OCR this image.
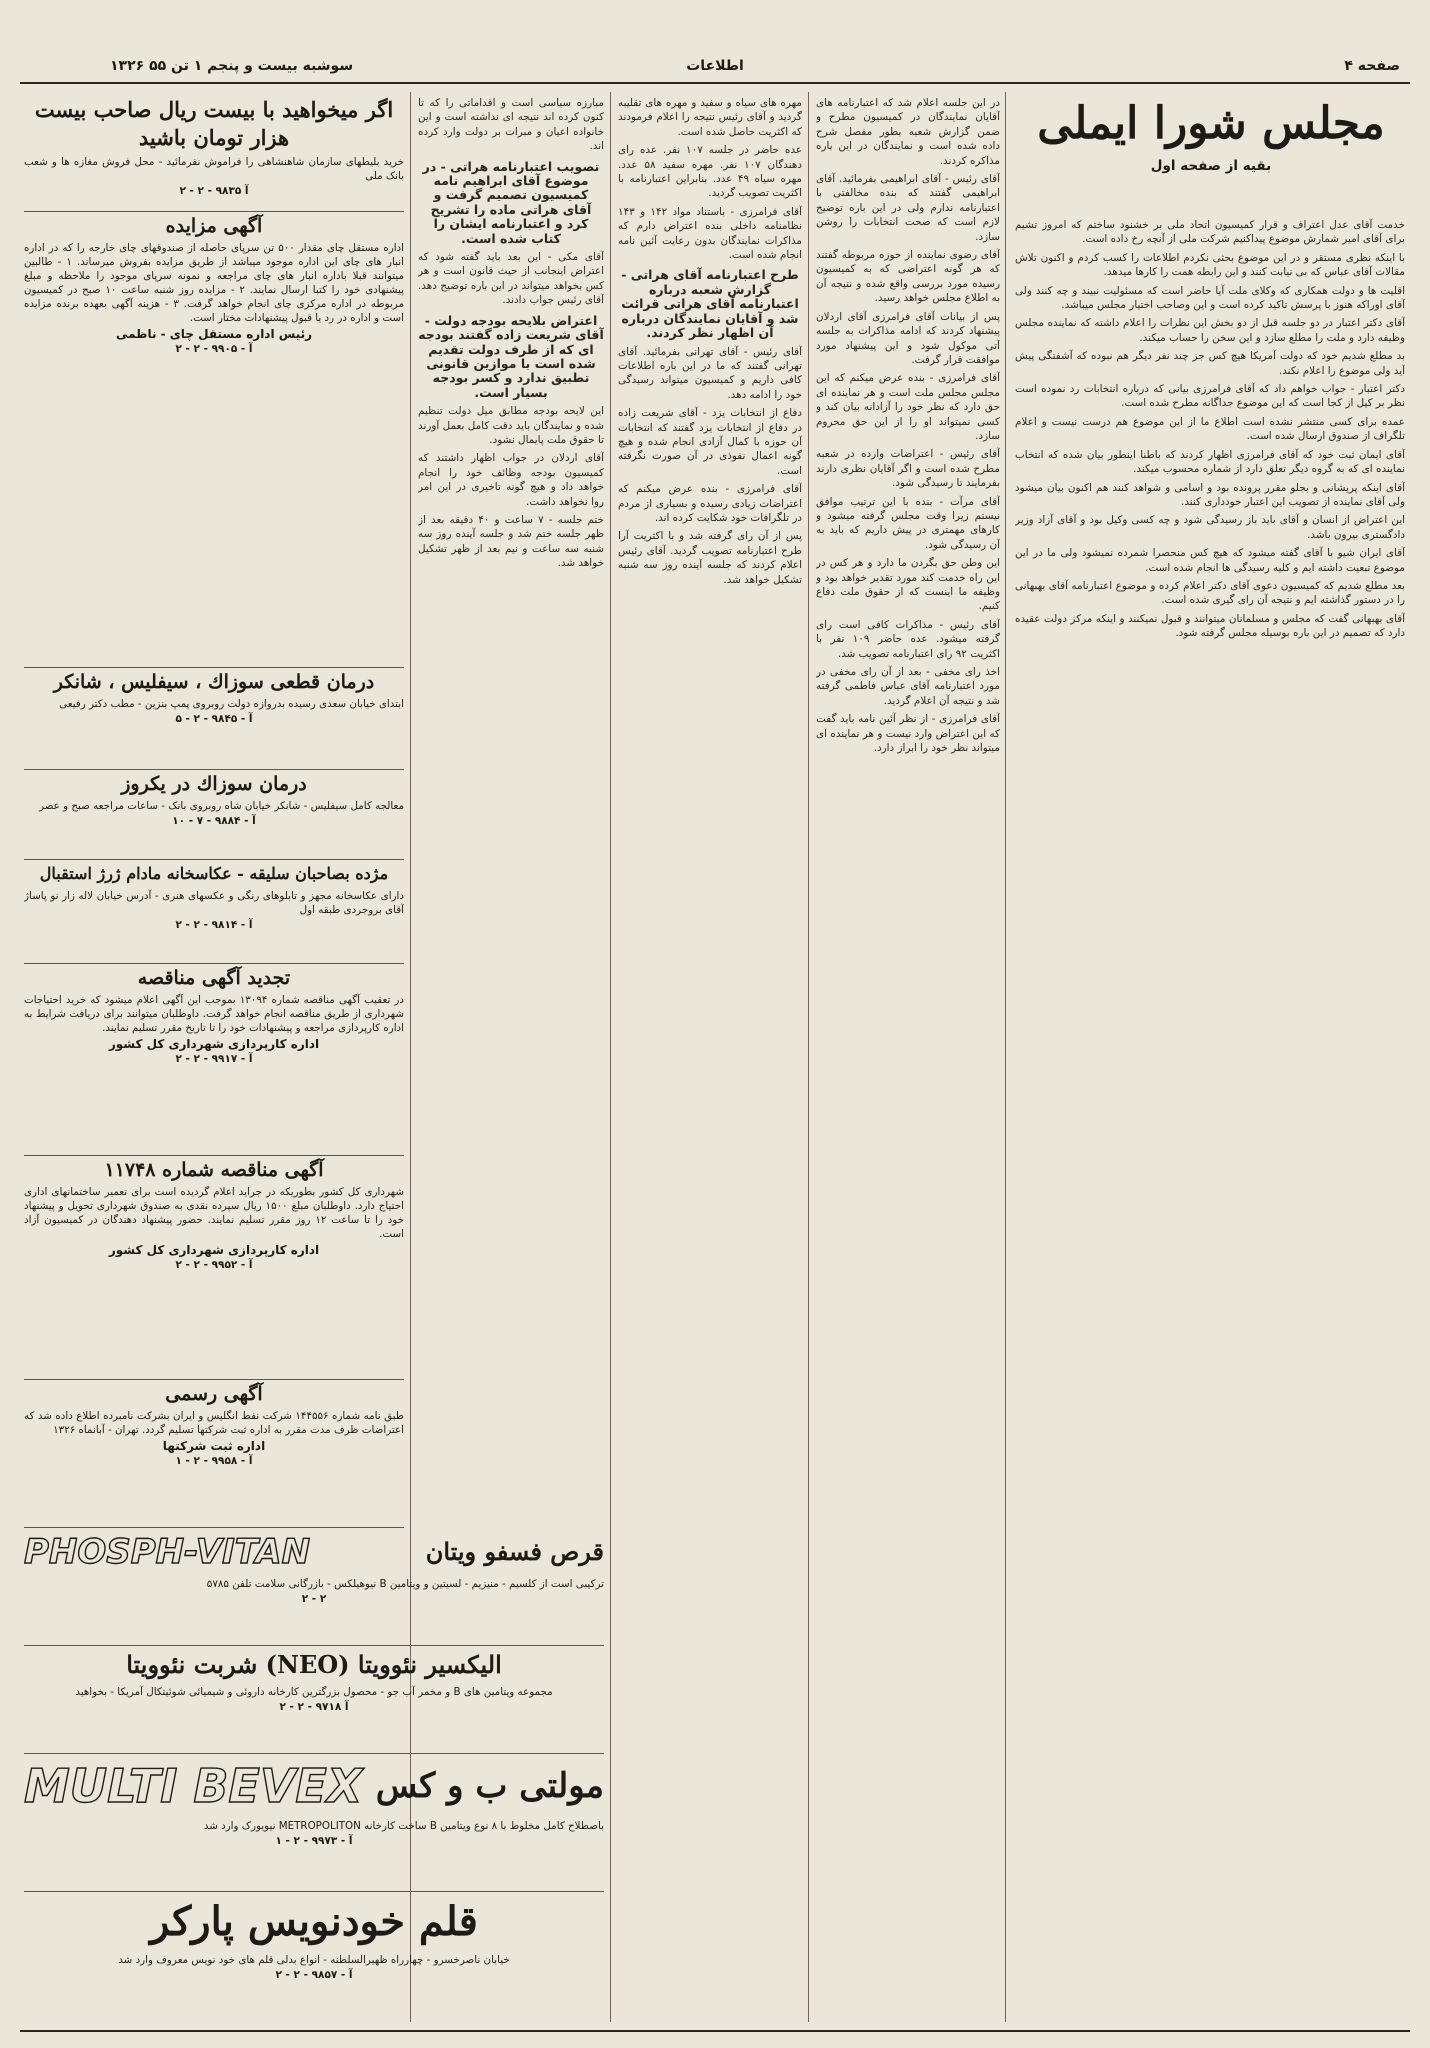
صفحه ۴
اطلاعات
سوشبه بیست و پنجم ۱ تن ۵۵ ۱۳۲۶
مجلس شورا ایملی
بقیه از صفحه اول

خدمت آقای عدل اعتراف و قرار کمیسیون اتحاد ملی بر خشنود ساختم که امروز تشیم برای آقای امیر شمارش موضوع پیداکنیم شرکت ملی از آنچه رخ داده است.

با اینکه نظری مستقر و در این موضوع بحثی نکردم اطلاعات را کسب کردم و اکنون تلاش مقالات آقای عباس که بی نیابت کنند و این رابطه همت را کارها میدهد.

اقلیت ها و دولت همکاری که وکلای ملت آیا حاضر است که مسئولیت نبیند و چه کنند ولی آقای اوراکه هنوز با پرسش تاکید کرده است و این وصاحب اختیار مجلس میباشد.

آقای دکتر اعتبار در دو جلسه قبل از دو بخش این نظرات را اعلام داشته که نماینده مجلس وظیفه دارد و ملت را مطلع سازد و این سخن را حساب میکند.

بد مطلع شدیم خود که دولت آمریکا هیچ کس جز چند نفر دیگر هم نبوده که آشفتگی پیش آید ولی موضوع را اعلام نکند.

دکتر اعتبار - جواب خواهم داد که آقای فرامرزی بیانی که درباره انتخابات رد نموده است نظر بر کیل از کجا است که این موضوع جداگانه مطرح شده است.

عمده برای کسی منتشر نشده است اطلاع ما از این موضوع هم درست نیست و اعلام تلگراف از صندوق ارسال شده است.

آقای ایمان ثبت خود که آقای فرامرزی اظهار کردند که باطنا اینطور بیان شده که انتخاب نماینده ای که به گروه دیگر تعلق دارد از شماره محسوب میکند.

آقای اینکه پریشانی و بجلو مقرر پرونده بود و اسامی و شواهد کنند هم اکنون بیان میشود ولی آقای نماینده از تصویب این اعتبار خودداری کنند.

این اعتراض از انسان و آقای باید باز رسیدگی شود و چه کسی وکیل بود و آقای آزاد وزیر دادگستری بیرون باشد.

آقای ایران شیو با آقای گفته میشود که هیچ کس منحصرا شمرده نمیشود ولی ما در این موضوع تبعیت داشته ایم و کلیه رسیدگی ها انجام شده است.

بعد مطلع شدیم که کمیسیون دعوی آقای دکتر اعلام کرده و موضوع اعتبارنامه آقای بهبهانی را در دستور گذاشته ایم و نتیجه آن رای گیری شده است.

آقای بهبهانی گفت که مجلس و مسلمانان میتوانند و قبول نمیکنند و اینکه مرکز دولت عقیده دارد که تصمیم در این باره بوسیله مجلس گرفته شود.

در این جلسه اعلام شد که اعتبارنامه های آقایان نمایندگان در کمیسیون مطرح و ضمن گزارش شعبه بطور مفصل شرح داده شده است و نمایندگان در این باره مذاکره کردند.

آقای رئیس - آقای ابراهیمی بفرمائید. آقای ابراهیمی گفتند که بنده مخالفتی با اعتبارنامه ندارم ولی در این باره توضیح لازم است که صحت انتخابات را روشن سازد.

آقای رضوی نماینده از حوزه مربوطه گفتند که هر گونه اعتراضی که به کمیسیون رسیده مورد بررسی واقع شده و نتیجه آن به اطلاع مجلس خواهد رسید.

پس از بیانات آقای فرامرزی آقای اردلان پیشنهاد کردند که ادامه مذاکرات به جلسه آتی موکول شود و این پیشنهاد مورد موافقت قرار گرفت.

آقای فرامرزی - بنده عرض میکنم که این مجلس مجلس ملت است و هر نماینده ای حق دارد که نظر خود را آزادانه بیان کند و کسی نمیتواند او را از این حق محروم سازد.

آقای رئیس - اعتراضات وارده در شعبه مطرح شده است و اگر آقایان نظری دارند بفرمایند تا رسیدگی شود.

آقای مرآت - بنده با این ترتیب موافق نیستم زیرا وقت مجلس گرفته میشود و کارهای مهمتری در پیش داریم که باید به آن رسیدگی شود.

این وطن حق بگردن ما دارد و هر کس در این راه خدمت کند مورد تقدیر خواهد بود و وظیفه ما اینست که از حقوق ملت دفاع کنیم.

آقای رئیس - مذاکرات کافی است رای گرفته میشود. عده حاضر ۱۰۹ نفر با اکثریت ۹۲ رای اعتبارنامه تصویب شد.

اخذ رای مخفی - بعد از آن رای مخفی در مورد اعتبارنامه آقای عباس فاطمی گرفته شد و نتیجه آن اعلام گردید.

آقای فرامرزی - از نظر آئین نامه باید گفت که این اعتراض وارد نیست و هر نماینده ای میتواند نظر خود را ابراز دارد.

مهره های سیاه و سفید و مهره های تقلیبه گردید و آقای رئیس نتیجه را اعلام فرمودند که اکثریت حاصل شده است.

عده حاضر در جلسه ۱۰۷ نفر. عده رای دهندگان ۱۰۷ نفر. مهره سفید ۵۸ عدد. مهره سیاه ۴۹ عدد. بنابراین اعتبارنامه با اکثریت تصویب گردید.

آقای فرامرزی - باستناد مواد ۱۴۲ و ۱۴۳ نظامنامه داخلی بنده اعتراض دارم که مذاکرات نمایندگان بدون رعایت آئین نامه انجام شده است.

طرح اعتبارنامه آقای هراتی - گزارش شعبه درباره اعتبارنامه آقای هراتی قرائت شد و آقایان نمایندگان درباره آن اظهار نظر کردند.

آقای رئیس - آقای تهرانی بفرمائید. آقای تهرانی گفتند که ما در این باره اطلاعات کافی داریم و کمیسیون میتواند رسیدگی خود را ادامه دهد.

دفاع از انتخابات یزد - آقای شریعت زاده در دفاع از انتخابات یزد گفتند که انتخابات آن حوزه با کمال آزادی انجام شده و هیچ گونه اعمال نفوذی در آن صورت نگرفته است.

آقای فرامرزی - بنده عرض میکنم که اعتراضات زیادی رسیده و بسیاری از مردم در تلگرافات خود شکایت کرده اند.

پس از آن رای گرفته شد و با اکثریت آرا طرح اعتبارنامه تصویب گردید. آقای رئیس اعلام کردند که جلسه آینده روز سه شنبه تشکیل خواهد شد.

مبارزه سیاسی است و اقداماتی را که تا کنون کرده اند نتیجه ای نداشته است و این خانواده اعیان و مبرات بر دولت وارد کرده اند.

تصویب اعتبارنامه هراتی - در موضوع آقای ابراهیم نامه کمیسیون تصمیم گرفت و آقای هراتی ماده را تشریح کرد و اعتبارنامه ایشان را کتاب شده است.

آقای مکی - این بعد باید گفته شود که اعتراض اینجانب از حیث قانون است و هر کس بخواهد میتواند در این باره توضیح دهد. آقای رئیس جواب دادند.

اعتراض بلایحه بودجه دولت - آقای شریعت زاده گفتند بودجه ای که از طرف دولت تقدیم شده است با موازین قانونی تطبیق ندارد و کسر بودجه بسیار است.

این لایحه بودجه مطابق میل دولت تنظیم شده و نمایندگان باید دقت کامل بعمل آورند تا حقوق ملت پایمال نشود.

آقای اردلان در جواب اظهار داشتند که کمیسیون بودجه وظائف خود را انجام خواهد داد و هیچ گونه تاخیری در این امر روا نخواهد داشت.

ختم جلسه - ۷ ساعت و ۴۰ دقیقه بعد از ظهر جلسه ختم شد و جلسه آینده روز سه شنبه سه ساعت و نیم بعد از ظهر تشکیل خواهد شد.

اگر میخواهید با بیست ریال صاحب بیست هزار تومان باشید
خرید بلیطهای سازمان شاهنشاهی را فراموش نفرمائید - محل فروش مغازه ها و شعب بانک ملی
آ ۹۸۳۵ - ۲ - ۲
آگهی مزایده
اداره مستقل چای مقدار ۵۰۰ تن سرپای حاصله از صندوقهای چای خارجه را که در اداره انبار های چای این اداره موجود میباشد از طریق مزایده بفروش میرساند. ۱ - طالبین میتوانند قبلا باداره انبار های چای مراجعه و نمونه سرپای موجود را ملاحظه و مبلغ پیشنهادی خود را کتبا ارسال نمایند. ۲ - مزایده روز شنبه ساعت ۱۰ صبح در کمیسیون مربوطه در اداره مرکزی چای انجام خواهد گرفت. ۳ - هزینه آگهی بعهده برنده مزایده است و اداره در رد یا قبول پیشنهادات مختار است.
رئیس اداره مستقل چای - ناظمی
آ - ۹۹۰۵ - ۲ - ۲
درمان قطعی سوزاك ، سیفلیس ، شانکر
ابتدای خیابان سعدی رسیده بدروازه دولت روبروی پمپ بنزین - مطب دکتر رفیعی
آ - ۹۸۴۵ - ۲ - ۵
درمان سوزاك در یکروز
معالجه کامل سیفلیس - شانکر خیابان شاه روبروی بانک - ساعات مراجعه صبح و عصر
آ - ۹۸۸۴ - ۷ - ۱۰
مژده بصاحبان سلیقه - عکاسخانه مادام ژرژ استقبال
دارای عکاسخانه مجهز و تابلوهای رنگی و عکسهای هنری - آدرس خیابان لاله زار نو پاساژ آقای بروجردی طبقه اول
آ - ۹۸۱۴ - ۲ - ۲
تجدید آگهی مناقصه
در تعقیب آگهی مناقصه شماره ۱۳۰۹۴ بموجب این آگهی اعلام میشود که خرید احتیاجات شهرداری از طریق مناقصه انجام خواهد گرفت. داوطلبان میتوانند برای دریافت شرایط به اداره کارپردازی مراجعه و پیشنهادات خود را تا تاریخ مقرر تسلیم نمایند.
اداره کارپردازی شهرداری کل کشور
آ - ۹۹۱۷ - ۲ - ۲
آگهی مناقصه شماره ۱۱۷۴۸
شهرداری کل کشور بطوریکه در جراید اعلام گردیده است برای تعمیر ساختمانهای اداری احتیاج دارد. داوطلبان مبلغ ۱۵۰۰ ریال سپرده نقدی به صندوق شهرداری تحویل و پیشنهاد خود را تا ساعت ۱۲ روز مقرر تسلیم نمایند. حضور پیشنهاد دهندگان در کمیسیون آزاد است.
اداره کارپردازی شهرداری کل کشور
آ - ۹۹۵۲ - ۲ - ۲
آگهی رسمی
طبق نامه شماره ۱۴۴۵۵۶ شرکت نفط انگلیس و ایران بشرکت نامبرده اطلاع داده شد که اعتراضات ظرف مدت مقرر به اداره ثبت شرکتها تسلیم گردد. تهران - آبانماه ۱۳۲۶
اداره ثبت شرکتها
آ - ۹۹۵۸ - ۲ - ۱
PHOSPH-VITAN	قرص فسفو ویتان
ترکیبی است از کلسیم - منیزیم - لسیتین و ویتامین B نیوهیلکس - بازرگانی سلامت تلفن ۵۷۸۵
۲ - ۲
الیکسیر نئوویتا (NEO) شربت نئوویتا
مجموعه ویتامین های B و مخمر آب جو - محصول بزرگترین کارخانه داروئی و شیمیائی شوئیتکال آمریکا - بخواهید
آ ۹۷۱۸ - ۲ - ۲
MULTI BEVEX مولتی ب و کس
باصطلاح کامل مخلوط با ۸ نوع ویتامین B ساخت کارخانه METROPOLITON نیویورک وارد شد
آ - ۹۹۷۳ - ۲ - ۱
قلم خودنویس پارکر
خیابان ناصرخسرو - چهارراه ظهیرالسلطنه - انواع بدلی قلم های خود نویس معروف وارد شد
آ - ۹۸۵۷ - ۲ - ۲
